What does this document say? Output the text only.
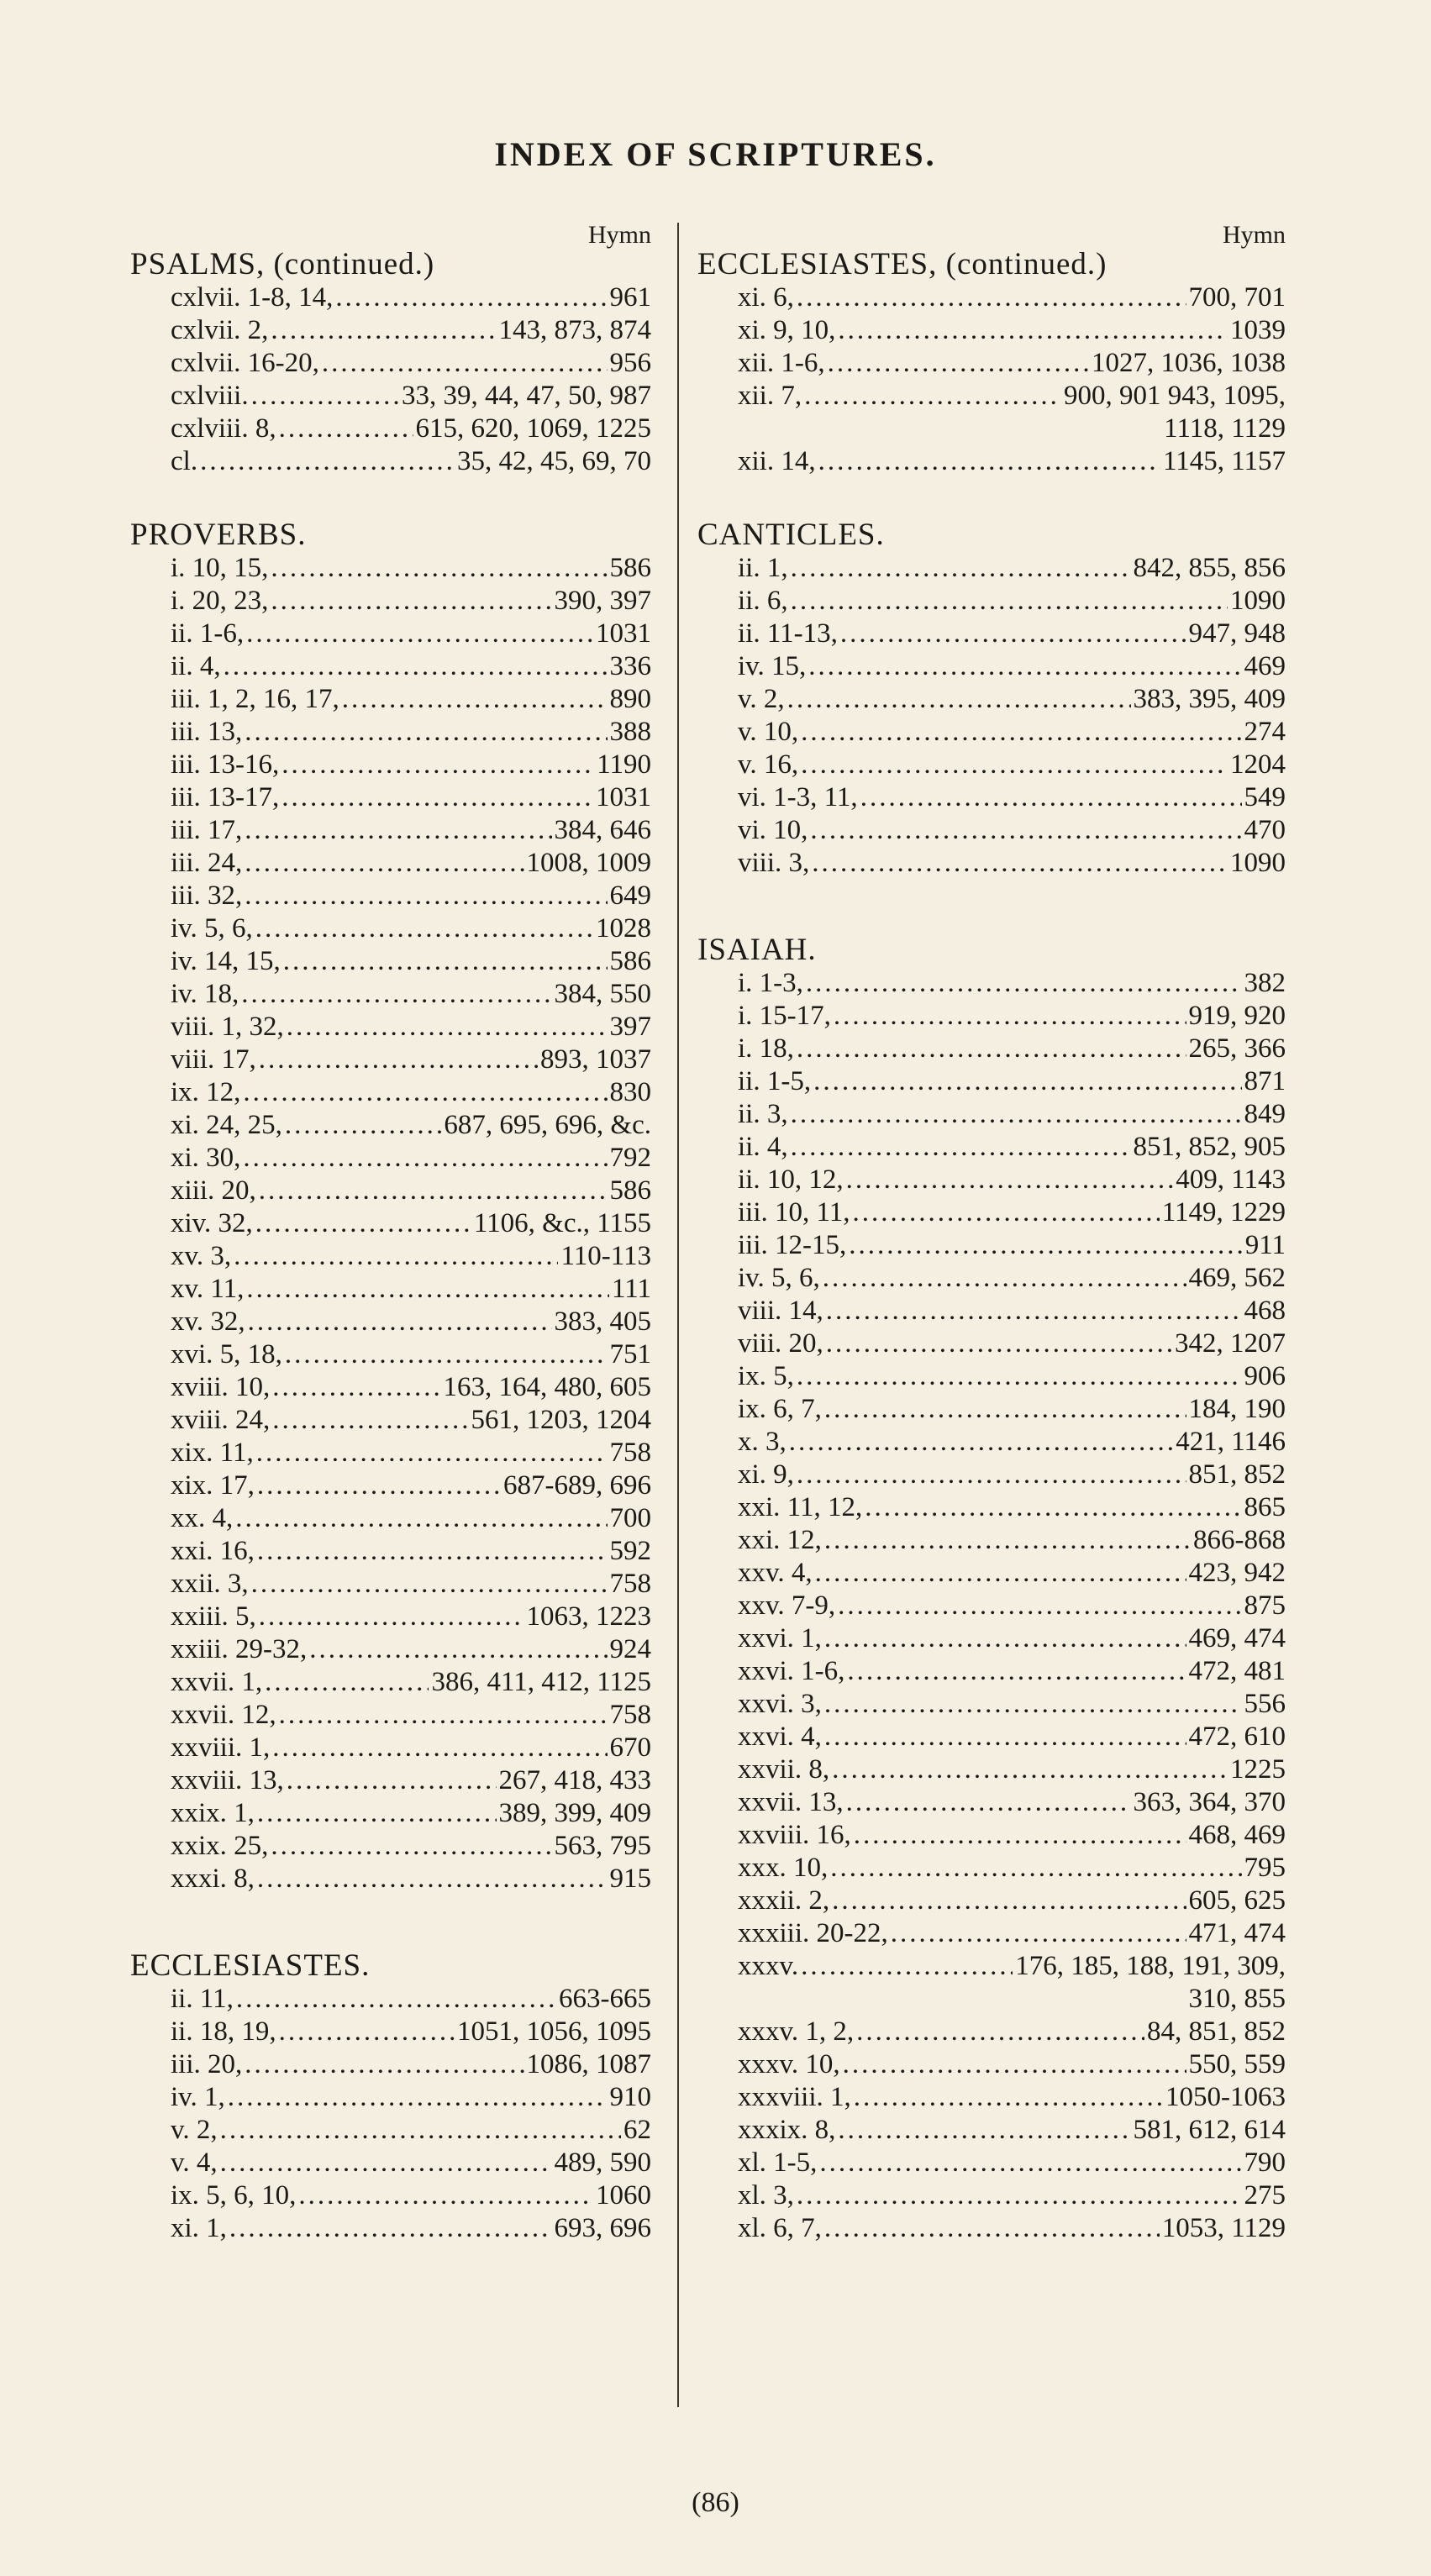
INDEX OF SCRIPTURES.
Hymn
PSALMS, (continued.)
cxlvii. 1-8, 14, .....	961
cxlvii. 2, .....	143, 873, 874
cxlvii. 16-20, .....	956
cxlviii. .....	33, 39, 44, 47, 50, 987
cxlviii. 8, .....	615, 620, 1069, 1225
cl. .....	35, 42, 45, 69, 70
PROVERBS.
i. 10, 15, .....	586
i. 20, 23, .....	390, 397
ii. 1-6, .....	1031
ii. 4, .....	336
iii. 1, 2, 16, 17, .....	890
iii. 13, .....	388
iii. 13-16, .....	1190
iii. 13-17, .....	1031
iii. 17, .....	384, 646
iii. 24, .....	1008, 1009
iii. 32, .....	649
iv. 5, 6, .....	1028
iv. 14, 15, .....	586
iv. 18, .....	384, 550
viii. 1, 32, .....	397
viii. 17, .....	893, 1037
ix. 12, .....	830
xi. 24, 25, .....	687, 695, 696, &c.
xi. 30, .....	792
xiii. 20, .....	586
xiv. 32, .....	1106, &c., 1155
xv. 3, .....	110-113
xv. 11, .....	111
xv. 32, .....	383, 405
xvi. 5, 18, .....	751
xviii. 10, .....	163, 164, 480, 605
xviii. 24, .....	561, 1203, 1204
xix. 11, .....	758
xix. 17, .....	687-689, 696
xx. 4, .....	700
xxi. 16, .....	592
xxii. 3, .....	758
xxiii. 5, .....	1063, 1223
xxiii. 29-32, .....	924
xxvii. 1, .....	386, 411, 412, 1125
xxvii. 12, .....	758
xxviii. 1, .....	670
xxviii. 13, .....	267, 418, 433
xxix. 1, .....	389, 399, 409
xxix. 25, .....	563, 795
xxxi. 8, .....	915
ECCLESIASTES.
ii. 11, .....	663-665
ii. 18, 19, .....	1051, 1056, 1095
iii. 20, .....	1086, 1087
iv. 1, .....	910
v. 2, .....	62
v. 4, .....	489, 590
ix. 5, 6, 10, .....	1060
xi. 1, .....	693, 696
Hymn
ECCLESIASTES, (continued.)
xi. 6, .....	700, 701
xi. 9, 10, .....	1039
xii. 1-6, .....	1027, 1036, 1038
xii. 7, .....	900, 901 943, 1095,
1118, 1129
xii. 14, .....	1145, 1157
CANTICLES.
ii. 1, .....	842, 855, 856
ii. 6, .....	1090
ii. 11-13, .....	947, 948
iv. 15, .....	469
v. 2, .....	383, 395, 409
v. 10, .....	274
v. 16, .....	1204
vi. 1-3, 11, .....	549
vi. 10, .....	470
viii. 3, .....	1090
ISAIAH.
i. 1-3, .....	382
i. 15-17, .....	919, 920
i. 18, .....	265, 366
ii. 1-5, .....	871
ii. 3, .....	849
ii. 4, .....	851, 852, 905
ii. 10, 12, .....	409, 1143
iii. 10, 11, .....	1149, 1229
iii. 12-15, .....	911
iv. 5, 6, .....	469, 562
viii. 14, .....	468
viii. 20, .....	342, 1207
ix. 5, .....	906
ix. 6, 7, .....	184, 190
x. 3, .....	421, 1146
xi. 9, .....	851, 852
xxi. 11, 12, .....	865
xxi. 12, .....	866-868
xxv. 4, .....	423, 942
xxv. 7-9, .....	875
xxvi. 1, .....	469, 474
xxvi. 1-6, .....	472, 481
xxvi. 3, .....	556
xxvi. 4, .....	472, 610
xxvii. 8, .....	1225
xxvii. 13, .....	363, 364, 370
xxviii. 16, .....	468, 469
xxx. 10, .....	795
xxxii. 2, .....	605, 625
xxxiii. 20-22, .....	471, 474
xxxv. .....	176, 185, 188, 191, 309,
310, 855
xxxv. 1, 2, .....	84, 851, 852
xxxv. 10, .....	550, 559
xxxviii. 1, .....	1050-1063
xxxix. 8, .....	581, 612, 614
xl. 1-5, .....	790
xl. 3, .....	275
xl. 6, 7, .....	1053, 1129
(86)
